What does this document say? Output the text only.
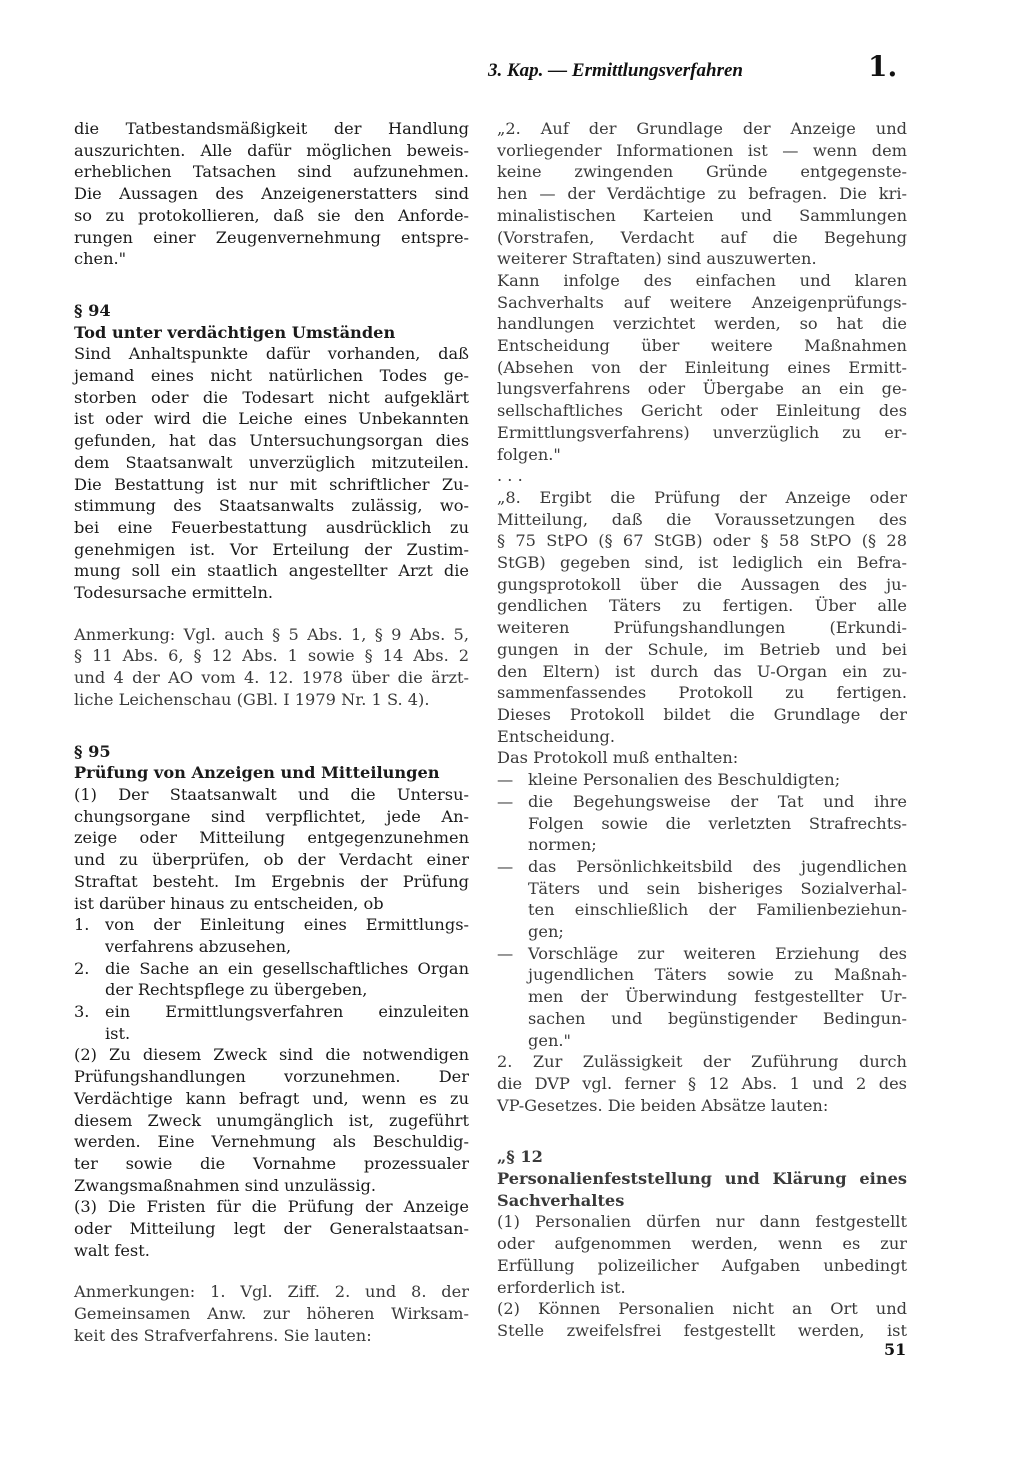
3. Kap. — Ermittlungsverfahren	1.

die Tatbestandsmäßigkeit der Handlung
auszurichten. Alle dafür möglichen beweis-
erheblichen Tatsachen sind aufzunehmen.
Die Aussagen des Anzeigenerstatters sind
so zu protokollieren, daß sie den Anforde-
rungen einer Zeugenvernehmung entspre-
chen."

§ 94
Tod unter verdächtigen Umständen

Sind Anhaltspunkte dafür vorhanden, daß
jemand eines nicht natürlichen Todes ge-
storben oder die Todesart nicht aufgeklärt
ist oder wird die Leiche eines Unbekannten
gefunden, hat das Untersuchungsorgan dies
dem Staatsanwalt unverzüglich mitzuteilen.
Die Bestattung ist nur mit schriftlicher Zu-
stimmung des Staatsanwalts zulässig, wo-
bei eine Feuerbestattung ausdrücklich zu
genehmigen ist. Vor Erteilung der Zustim-
mung soll ein staatlich angestellter Arzt die
Todesursache ermitteln.

Anmerkung: Vgl. auch § 5 Abs. 1, § 9 Abs. 5,
§ 11 Abs. 6, § 12 Abs. 1 sowie § 14 Abs. 2
und 4 der AO vom 4. 12. 1978 über die ärzt-
liche Leichenschau (GBl. I 1979 Nr. 1 S. 4).

§ 95
Prüfung von Anzeigen und Mitteilungen

(1) Der Staatsanwalt und die Untersu-
chungsorgane sind verpflichtet, jede An-
zeige oder Mitteilung entgegenzunehmen
und zu überprüfen, ob der Verdacht einer
Straftat besteht. Im Ergebnis der Prüfung
ist darüber hinaus zu entscheiden, ob

1. von der Einleitung eines Ermittlungs-
verfahrens abzusehen,
2. die Sache an ein gesellschaftliches Organ
der Rechtspflege zu übergeben,
3. ein Ermittlungsverfahren einzuleiten
ist.

(2) Zu diesem Zweck sind die notwendigen
Prüfungshandlungen vorzunehmen. Der
Verdächtige kann befragt und, wenn es zu
diesem Zweck unumgänglich ist, zugeführt
werden. Eine Vernehmung als Beschuldig-
ter sowie die Vornahme prozessualer
Zwangsmaßnahmen sind unzulässig.

(3) Die Fristen für die Prüfung der Anzeige
oder Mitteilung legt der Generalstaatsan-
walt fest.

Anmerkungen: 1. Vgl. Ziff. 2. und 8. der
Gemeinsamen Anw. zur höheren Wirksam-
keit des Strafverfahrens. Sie lauten:

„2. Auf der Grundlage der Anzeige und
vorliegender Informationen ist — wenn dem
keine zwingenden Gründe entgegenste-
hen — der Verdächtige zu befragen. Die kri-
minalistischen Karteien und Sammlungen
(Vorstrafen, Verdacht auf die Begehung
weiterer Straftaten) sind auszuwerten.
Kann infolge des einfachen und klaren
Sachverhalts auf weitere Anzeigenprüfungs-
handlungen verzichtet werden, so hat die
Entscheidung über weitere Maßnahmen
(Absehen von der Einleitung eines Ermitt-
lungsverfahrens oder Übergabe an ein ge-
sellschaftliches Gericht oder Einleitung des
Ermittlungsverfahrens) unverzüglich zu er-
folgen."

. . .

„8. Ergibt die Prüfung der Anzeige oder
Mitteilung, daß die Voraussetzungen des
§ 75 StPO (§ 67 StGB) oder § 58 StPO (§ 28
StGB) gegeben sind, ist lediglich ein Befra-
gungsprotokoll über die Aussagen des ju-
gendlichen Täters zu fertigen. Über alle
weiteren Prüfungshandlungen (Erkundi-
gungen in der Schule, im Betrieb und bei
den Eltern) ist durch das U-Organ ein zu-
sammenfassendes Protokoll zu fertigen.
Dieses Protokoll bildet die Grundlage der
Entscheidung.

Das Protokoll muß enthalten:
— kleine Personalien des Beschuldigten;
— die Begehungsweise der Tat und ihre
Folgen sowie die verletzten Strafrechts-
normen;
— das Persönlichkeitsbild des jugendlichen
Täters und sein bisheriges Sozialverhal-
ten einschließlich der Familienbeziehun-
gen;
— Vorschläge zur weiteren Erziehung des
jugendlichen Täters sowie zu Maßnah-
men der Überwindung festgestellter Ur-
sachen und begünstigender Bedingun-
gen."

2. Zur Zulässigkeit der Zuführung durch
die DVP vgl. ferner § 12 Abs. 1 und 2 des
VP-Gesetzes. Die beiden Absätze lauten:

„§ 12
Personalienfeststellung und Klärung eines
Sachverhaltes

(1) Personalien dürfen nur dann festgestellt
oder aufgenommen werden, wenn es zur
Erfüllung polizeilicher Aufgaben unbedingt
erforderlich ist.
(2) Können Personalien nicht an Ort und
Stelle zweifelsfrei festgestellt werden, ist

51
